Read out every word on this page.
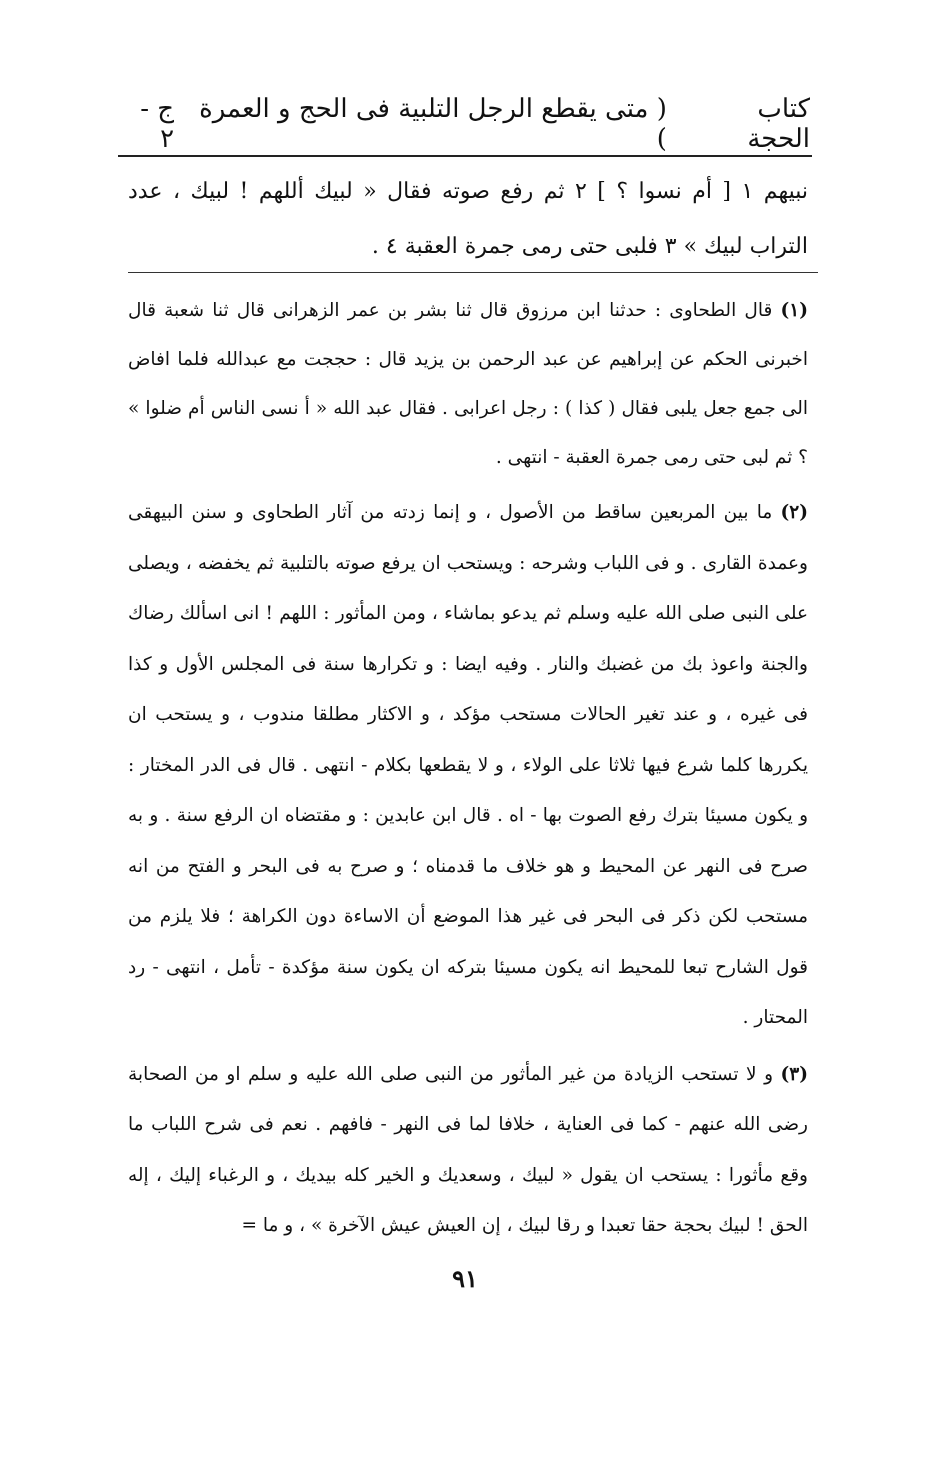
كتاب الحجة
( متى يقطع الرجل التلبية فى الحج و العمرة )
ج - ٢
نبيهم ١ [ أم نسوا ؟ ] ٢ ثم رفع صوته فقال « لبيك أللهم ! لبيك ، عدد التراب لبيك » ٣ فلبى حتى رمى جمرة العقبة ٤ .

(١) قال الطحاوى : حدثنا ابن مرزوق قال ثنا بشر بن عمر الزهرانى قال ثنا شعبة قال اخبرنى الحكم عن إبراهيم عن عبد الرحمن بن يزيد قال : حججت مع عبدالله فلما افاض الى جمع جعل يلبى فقال ( كذا ) : رجل اعرابى . فقال عبد الله « أ نسى الناس أم ضلوا » ؟ ثم لبى حتى رمى جمرة العقبة - انتهى .

(٢) ما بين المربعين ساقط من الأصول ، و إنما زدته من آثار الطحاوى و سنن البيهقى وعمدة القارى . و فى اللباب وشرحه : ويستحب ان يرفع صوته بالتلبية ثم يخفضه ، ويصلى على النبى صلى الله عليه وسلم ثم يدعو بماشاء ، ومن المأثور : اللهم ! انى اسألك رضاك والجنة واعوذ بك من غضبك والنار . وفيه ايضا : و تكرارها سنة فى المجلس الأول و كذا فى غيره ، و عند تغير الحالات مستحب مؤكد ، و الاكثار مطلقا مندوب ، و يستحب ان يكررها كلما شرع فيها ثلاثا على الولاء ، و لا يقطعها بكلام - انتهى . قال فى الدر المختار : و يكون مسيئا بترك رفع الصوت بها - اه . قال ابن عابدين : و مقتضاه ان الرفع سنة . و به صرح فى النهر عن المحيط و هو خلاف ما قدمناه ؛ و صرح به فى البحر و الفتح من انه مستحب لكن ذكر فى البحر فى غير هذا الموضع أن الاساءة دون الكراهة ؛ فلا يلزم من قول الشارح تبعا للمحيط انه يكون مسيئا بتركه ان يكون سنة مؤكدة - تأمل ، انتهى - رد المحتار .

(٣) و لا تستحب الزيادة من غير المأثور من النبى صلى الله عليه و سلم او من الصحابة رضى الله عنهم - كما فى العناية ، خلافا لما فى النهر - فافهم . نعم فى شرح اللباب ما وقع مأثورا : يستحب ان يقول « لبيك ، وسعديك و الخير كله بيديك ، و الرغباء إليك ، إله الحق ! لبيك بحجة حقا تعبدا و رقا لبيك ، إن العيش عيش الآخرة » ، و ما =

٩١
